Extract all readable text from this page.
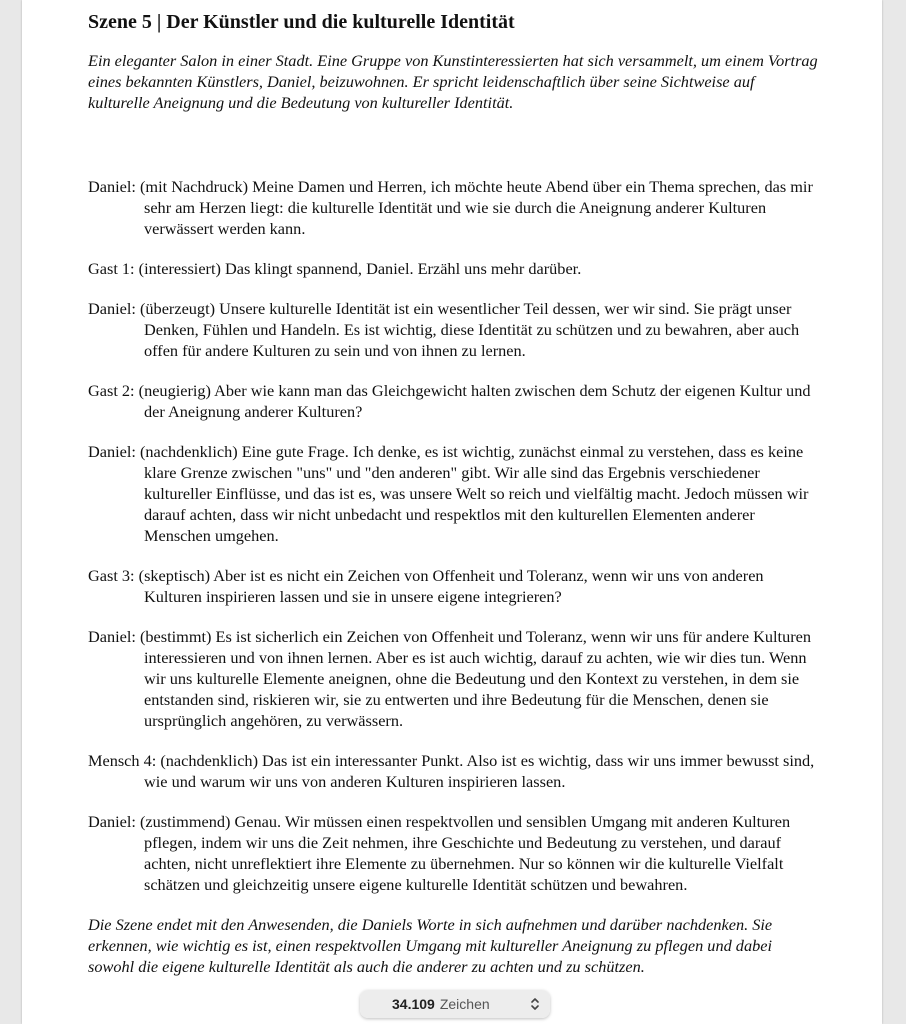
Szene 5 | Der Künstler und die kulturelle Identität

Ein eleganter Salon in einer Stadt. Eine Gruppe von Kunstinteressierten hat sich versammelt, um einem Vortrag eines bekannten Künstlers, Daniel, beizuwohnen. Er spricht leidenschaftlich über seine Sichtweise auf kulturelle Aneignung und die Bedeutung von kultureller Identität.

Daniel: (mit Nachdruck) Meine Damen und Herren, ich möchte heute Abend über ein Thema sprechen, das mir sehr am Herzen liegt: die kulturelle Identität und wie sie durch die Aneignung anderer Kulturen verwässert werden kann.

Gast 1: (interessiert) Das klingt spannend, Daniel. Erzähl uns mehr darüber.

Daniel: (überzeugt) Unsere kulturelle Identität ist ein wesentlicher Teil dessen, wer wir sind. Sie prägt unser Denken, Fühlen und Handeln. Es ist wichtig, diese Identität zu schützen und zu bewahren, aber auch offen für andere Kulturen zu sein und von ihnen zu lernen.

Gast 2: (neugierig) Aber wie kann man das Gleichgewicht halten zwischen dem Schutz der eigenen Kultur und der Aneignung anderer Kulturen?

Daniel: (nachdenklich) Eine gute Frage. Ich denke, es ist wichtig, zunächst einmal zu verstehen, dass es keine klare Grenze zwischen "uns" und "den anderen" gibt. Wir alle sind das Ergebnis verschiedener kultureller Einflüsse, und das ist es, was unsere Welt so reich und vielfältig macht. Jedoch müssen wir darauf achten, dass wir nicht unbedacht und respektlos mit den kulturellen Elementen anderer Menschen umgehen.

Gast 3: (skeptisch) Aber ist es nicht ein Zeichen von Offenheit und Toleranz, wenn wir uns von anderen Kulturen inspirieren lassen und sie in unsere eigene integrieren?

Daniel: (bestimmt) Es ist sicherlich ein Zeichen von Offenheit und Toleranz, wenn wir uns für andere Kulturen interessieren und von ihnen lernen. Aber es ist auch wichtig, darauf zu achten, wie wir dies tun. Wenn wir uns kulturelle Elemente aneignen, ohne die Bedeutung und den Kontext zu verstehen, in dem sie entstanden sind, riskieren wir, sie zu entwerten und ihre Bedeutung für die Menschen, denen sie ursprünglich angehören, zu verwässern.

Mensch 4: (nachdenklich) Das ist ein interessanter Punkt. Also ist es wichtig, dass wir uns immer bewusst sind, wie und warum wir uns von anderen Kulturen inspirieren lassen.

Daniel: (zustimmend) Genau. Wir müssen einen respektvollen und sensiblen Umgang mit anderen Kulturen pflegen, indem wir uns die Zeit nehmen, ihre Geschichte und Bedeutung zu verstehen, und darauf achten, nicht unreflektiert ihre Elemente zu übernehmen. Nur so können wir die kulturelle Vielfalt schätzen und gleichzeitig unsere eigene kulturelle Identität schützen und bewahren.

Die Szene endet mit den Anwesenden, die Daniels Worte in sich aufnehmen und darüber nachdenken. Sie erkennen, wie wichtig es ist, einen respektvollen Umgang mit kultureller Aneignung zu pflegen und dabei sowohl die eigene kulturelle Identität als auch die anderer zu achten und zu schützen.

34.109 Zeichen
